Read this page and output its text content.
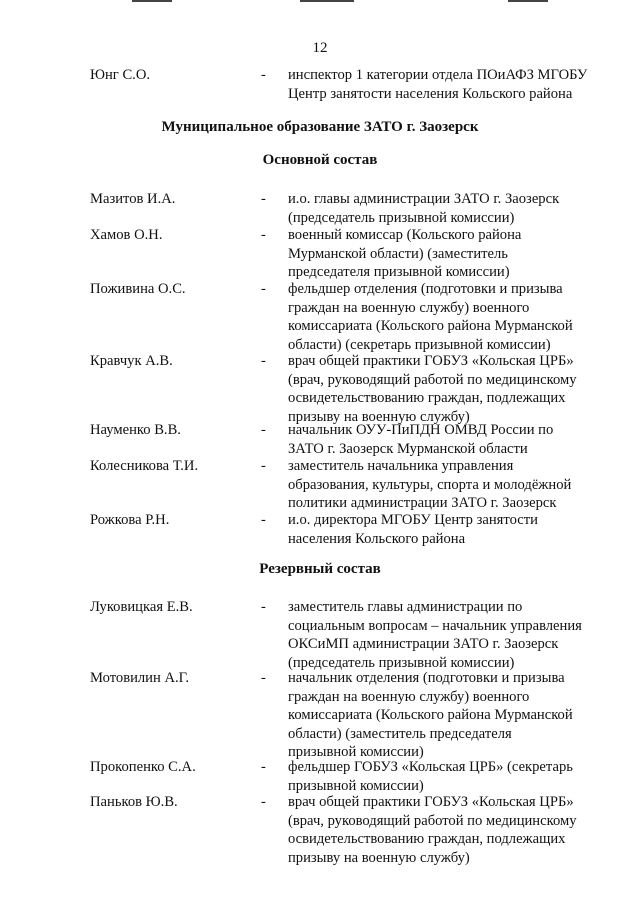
12
Юнг С.О.	- инспектор 1 категории отдела ПОиАФЗ МГОБУ
Центр занятости населения Кольского района
Муниципальное образование ЗАТО г. Заозерск
Основной состав
Мазитов И.А.	- и.о. главы администрации ЗАТО г. Заозерск
(председатель призывной комиссии)
Хамов О.Н.	- военный комиссар (Кольского района
Мурманской области) (заместитель
председателя призывной комиссии)
Поживина О.С.	- фельдшер отделения (подготовки и призыва
граждан на военную службу) военного
комиссариата (Кольского района Мурманской
области) (секретарь призывной комиссии)
Кравчук А.В.	- врач общей практики ГОБУЗ «Кольская ЦРБ»
(врач, руководящий работой по медицинскому
освидетельствованию граждан, подлежащих
призыву на военную службу)
Науменко В.В.	- начальник ОУУ-ПиПДН ОМВД России по
ЗАТО г. Заозерск Мурманской области
Колесникова Т.И.	- заместитель начальника управления
образования, культуры, спорта и молодёжной
политики администрации ЗАТО г. Заозерск
Рожкова Р.Н.	- и.о. директора МГОБУ Центр занятости
населения Кольского района
Резервный состав
Луковицкая Е.В.	- заместитель главы администрации по
социальным вопросам – начальник управления
ОКСиМП администрации ЗАТО г. Заозерск
(председатель призывной комиссии)
Мотовилин А.Г.	- начальник отделения (подготовки и призыва
граждан на военную службу) военного
комиссариата (Кольского района Мурманской
области) (заместитель председателя
призывной комиссии)
Прокопенко С.А.	- фельдшер ГОБУЗ «Кольская ЦРБ» (секретарь
призывной комиссии)
Паньков Ю.В.	- врач общей практики ГОБУЗ «Кольская ЦРБ»
(врач, руководящий работой по медицинскому
освидетельствованию граждан, подлежащих
призыву на военную службу)
